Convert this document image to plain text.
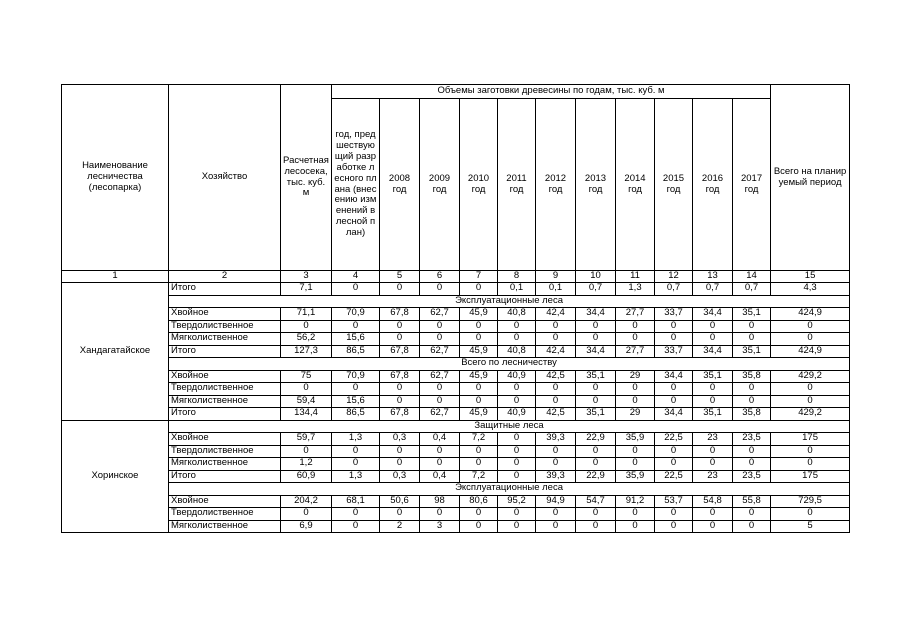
Наименование лесничества (лесопарка)	Хозяйство	Расчетная лесосека, тыс. куб. м	Объемы заготовки древесины по годам, тыс. куб. м											Всего на планируемый период
			год, предшествующий разработке лесного плана (внесению изменений в лесной план)	2008 год	2009 год	2010 год	2011 год	2012 год	2013 год	2014 год	2015 год	2016 год	2017 год	
1	2	3	4	5	6	7	8	9	10	11	12	13	14	15
Хандагатайское	Итого	7,1	0	0	0	0	0,1	0,1	0,7	1,3	0,7	0,7	0,7	4,3
	Эксплуатационные леса													
	Хвойное	71,1	70,9	67,8	62,7	45,9	40,8	42,4	34,4	27,7	33,7	34,4	35,1	424,9
	Твердолиственное	0	0	0	0	0	0	0	0	0	0	0	0	0
	Мягколиственное	56,2	15,6	0	0	0	0	0	0	0	0	0	0	0
	Итого	127,3	86,5	67,8	62,7	45,9	40,8	42,4	34,4	27,7	33,7	34,4	35,1	424,9
	Всего по лесничеству													
	Хвойное	75	70,9	67,8	62,7	45,9	40,9	42,5	35,1	29	34,4	35,1	35,8	429,2
	Твердолиственное	0	0	0	0	0	0	0	0	0	0	0	0	0
	Мягколиственное	59,4	15,6	0	0	0	0	0	0	0	0	0	0	0
	Итого	134,4	86,5	67,8	62,7	45,9	40,9	42,5	35,1	29	34,4	35,1	35,8	429,2
Хоринское	Защитные леса													
	Хвойное	59,7	1,3	0,3	0,4	7,2	0	39,3	22,9	35,9	22,5	23	23,5	175
	Твердолиственное	0	0	0	0	0	0	0	0	0	0	0	0	0
	Мягколиственное	1,2	0	0	0	0	0	0	0	0	0	0	0	0
	Итого	60,9	1,3	0,3	0,4	7,2	0	39,3	22,9	35,9	22,5	23	23,5	175
	Эксплуатационные леса													
	Хвойное	204,2	68,1	50,6	98	80,6	95,2	94,9	54,7	91,2	53,7	54,8	55,8	729,5
	Твердолиственное	0	0	0	0	0	0	0	0	0	0	0	0	0
	Мягколиственное	6,9	0	2	3	0	0	0	0	0	0	0	0	5
